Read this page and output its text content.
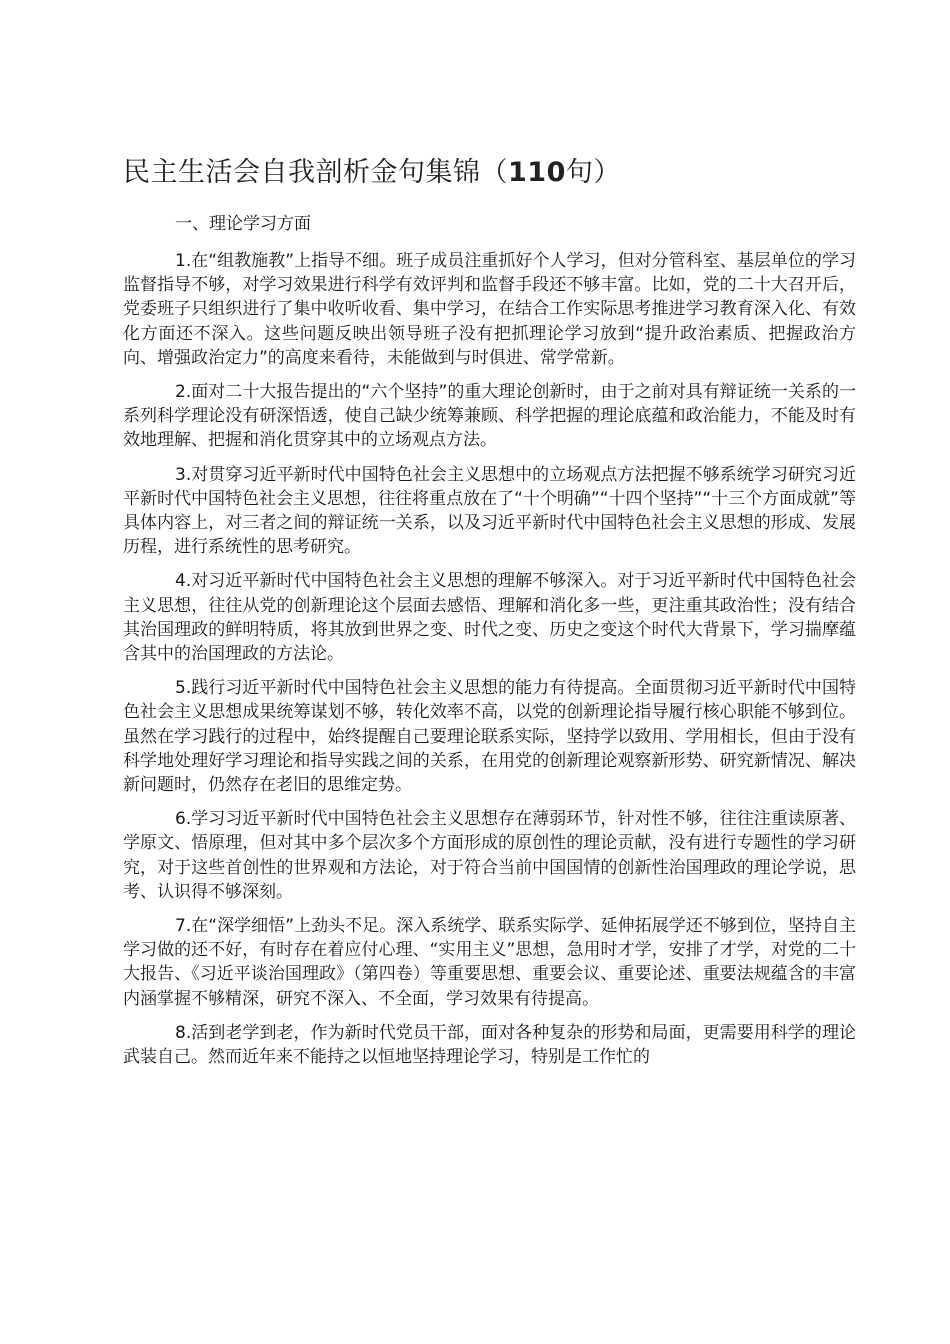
民主生活会自我剖析金句集锦（110句）

一、理论学习方面

1.在“组教施教”上指导不细。班子成员注重抓好个人学习，但对分管科室、基层单位的学习监督指导不够，对学习效果进行科学有效评判和监督手段还不够丰富。比如，党的二十大召开后，党委班子只组织进行了集中收听收看、集中学习，在结合工作实际思考推进学习教育深入化、有效化方面还不深入。这些问题反映出领导班子没有把抓理论学习放到“提升政治素质、把握政治方向、增强政治定力”的高度来看待，未能做到与时俱进、常学常新。

2.面对二十大报告提出的“六个坚持”的重大理论创新时，由于之前对具有辩证统一关系的一系列科学理论没有研深悟透，使自己缺少统筹兼顾、科学把握的理论底蕴和政治能力，不能及时有效地理解、把握和消化贯穿其中的立场观点方法。

3.对贯穿习近平新时代中国特色社会主义思想中的立场观点方法把握不够系统学习研究习近平新时代中国特色社会主义思想，往往将重点放在了“十个明确”“十四个坚持”“十三个方面成就”等具体内容上，对三者之间的辩证统一关系，以及习近平新时代中国特色社会主义思想的形成、发展历程，进行系统性的思考研究。

4.对习近平新时代中国特色社会主义思想的理解不够深入。对于习近平新时代中国特色社会主义思想，往往从党的创新理论这个层面去感悟、理解和消化多一些，更注重其政治性；没有结合其治国理政的鲜明特质，将其放到世界之变、时代之变、历史之变这个时代大背景下，学习揣摩蕴含其中的治国理政的方法论。

5.践行习近平新时代中国特色社会主义思想的能力有待提高。全面贯彻习近平新时代中国特色社会主义思想成果统筹谋划不够，转化效率不高，以党的创新理论指导履行核心职能不够到位。虽然在学习践行的过程中，始终提醒自己要理论联系实际，坚持学以致用、学用相长，但由于没有科学地处理好学习理论和指导实践之间的关系，在用党的创新理论观察新形势、研究新情况、解决新问题时，仍然存在老旧的思维定势。

6.学习习近平新时代中国特色社会主义思想存在薄弱环节，针对性不够，往往注重读原著、学原文、悟原理，但对其中多个层次多个方面形成的原创性的理论贡献，没有进行专题性的学习研究，对于这些首创性的世界观和方法论，对于符合当前中国国情的创新性治国理政的理论学说，思考、认识得不够深刻。

7.在“深学细悟”上劲头不足。深入系统学、联系实际学、延伸拓展学还不够到位，坚持自主学习做的还不好，有时存在着应付心理、“实用主义”思想，急用时才学，安排了才学，对党的二十大报告、《习近平谈治国理政》（第四卷）等重要思想、重要会议、重要论述、重要法规蕴含的丰富内涵掌握不够精深，研究不深入、不全面，学习效果有待提高。

8.活到老学到老，作为新时代党员干部，面对各种复杂的形势和局面，更需要用科学的理论武装自己。然而近年来不能持之以恒地坚持理论学习，特别是工作忙的
